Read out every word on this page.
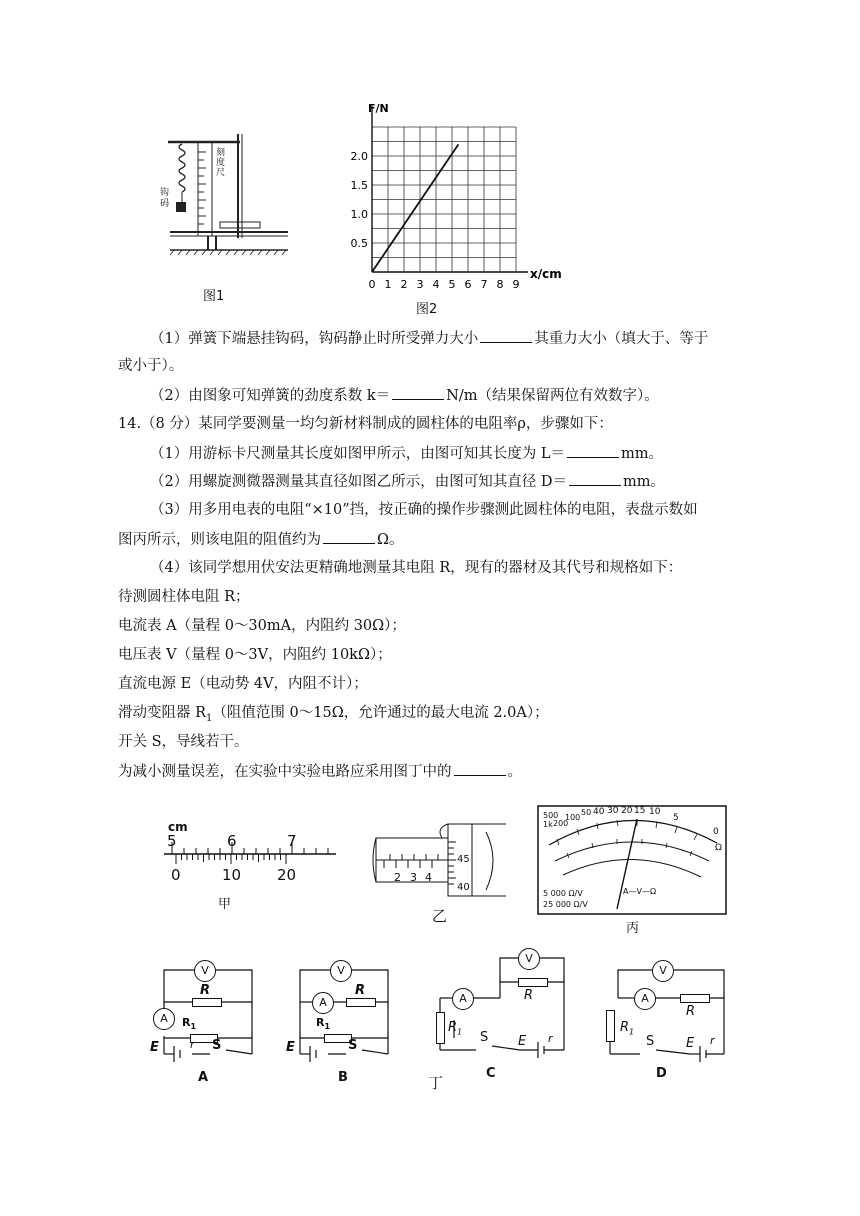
刻度尺
钩码
图1
0 1 2 3 4 5 6 7 8 9
0.5
1.0
1.5
2.0
F/N
x/cm
图2
（1）弹簧下端悬挂钩码，钩码静止时所受弹力大小	其重力大小（填大于、等于
或小于）。
（2）由图象可知弹簧的劲度系数 k＝	N/m（结果保留两位有效数字）。
14.（8 分）某同学要测量一均匀新材料制成的圆柱体的电阻率ρ，步骤如下：
（1）用游标卡尺测量其长度如图甲所示，由图可知其长度为 L＝	mm。
（2）用螺旋测微器测量其直径如图乙所示，由图可知其直径 D＝	mm。
（3）用多用电表的电阻“×10”挡，按正确的操作步骤测此圆柱体的电阻，表盘示数如
图丙所示，则该电阻的阻值约为	Ω。
（4）该同学想用伏安法更精确地测量其电阻 R，现有的器材及其代号和规格如下：
待测圆柱体电阻 R；
电流表 A（量程 0～30mA，内阻约 30Ω）；
电压表 V（量程 0～3V，内阻约 10kΩ）；
直流电源 E（电动势 4V，内阻不计）；
滑动变阻器 $R_1$（阻值范围 0～15Ω，允许通过的最大电流 2.0A）；
开关 S，导线若干。
为减小测量误差，在实验中实验电路应采用图丁中的	。
cm
5	6	7
0	10 20
甲
2 3 4
45
40
乙
500
1k 200
100
50 40 30 20 15 10
5
0
Ω
A—V—Ω
5 000 Ω/V
25 000 Ω/V
丙
V
R
A	$R_1$
E	r S
A
V
A
R
$R_1$
E	S
B
V
A	R
$R_1$ S E r
C
V
A
R
$R_1$
S E r
D
丁
